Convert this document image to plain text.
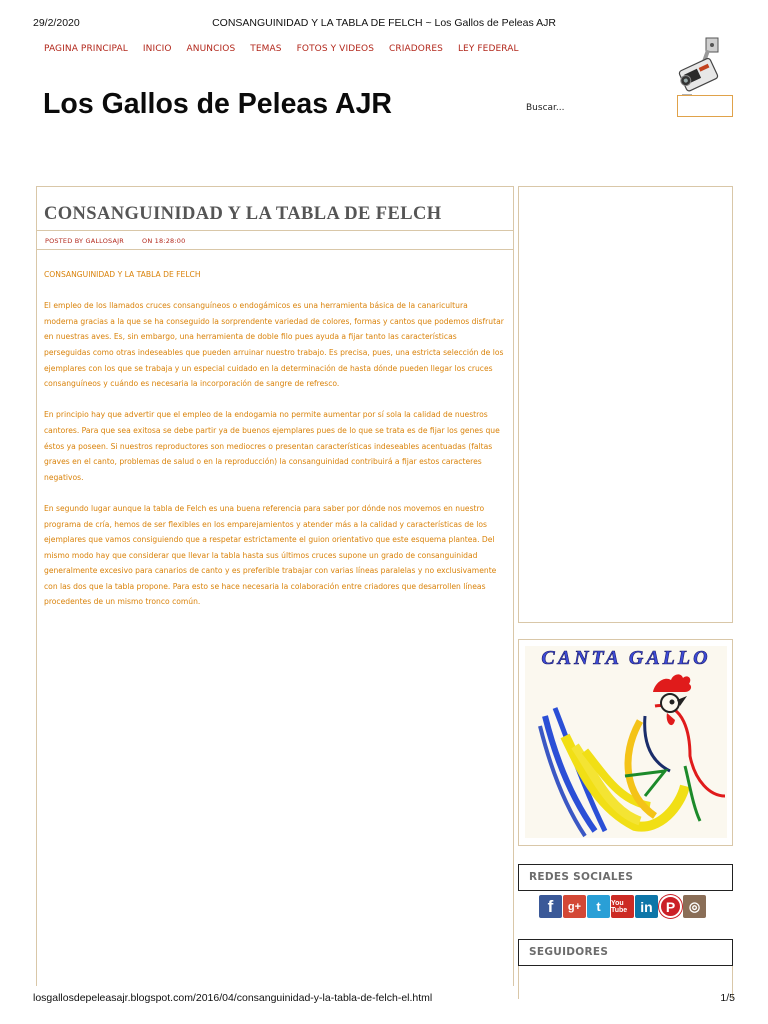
29/2/2020	CONSANGUINIDAD Y LA TABLA DE FELCH ~ Los Gallos de Peleas AJR
PAGINA PRINCIPAL INICIO ANUNCIOS TEMAS FOTOS Y VIDEOS CRIADORES LEY FEDERAL
Los Gallos de Peleas AJR	Buscar...
CONSANGUINIDAD Y LA TABLA DE FELCH
POSTED BY GALLOSAJR	ON 18:28:00

CONSANGUINIDAD Y LA TABLA DE FELCH

El empleo de los llamados cruces consanguíneos o endogámicos es una herramienta básica de la canaricultura moderna gracias a la que se ha conseguido la sorprendente variedad de colores, formas y cantos que podemos disfrutar en nuestras aves. Es, sin embargo, una herramienta de doble filo pues ayuda a fijar tanto las características perseguidas como otras indeseables que pueden arruinar nuestro trabajo. Es precisa, pues, una estricta selección de los ejemplares con los que se trabaja y un especial cuidado en la determinación de hasta dónde pueden llegar los cruces consanguíneos y cuándo es necesaria la incorporación de sangre de refresco.

En principio hay que advertir que el empleo de la endogamia no permite aumentar por sí sola la calidad de nuestros cantores. Para que sea exitosa se debe partir ya de buenos ejemplares pues de lo que se trata es de fijar los genes que éstos ya poseen. Si nuestros reproductores son mediocres o presentan características indeseables acentuadas (faltas graves en el canto, problemas de salud o en la reproducción) la consanguinidad contribuirá a fijar estos caracteres negativos.

En segundo lugar aunque la tabla de Felch es una buena referencia para saber por dónde nos movemos en nuestro programa de cría, hemos de ser flexibles en los emparejamientos y atender más a la calidad y características de los ejemplares que vamos consiguiendo que a respetar estrictamente el guion orientativo que este esquema plantea. Del mismo modo hay que considerar que llevar la tabla hasta sus últimos cruces supone un grado de consanguinidad generalmente excesivo para canarios de canto y es preferible trabajar con varias líneas paralelas y no exclusivamente con las dos que la tabla propone. Para esto se hace necesaria la colaboración entre criadores que desarrollen líneas procedentes de un mismo tronco común.

CANTA GALLO
REDES SOCIALES
f	g+	t	You Tube in P	◎
SEGUIDORES
losgallosdepeleasajr.blogspot.com/2016/04/consanguinidad-y-la-tabla-de-felch-el.html	1/5
